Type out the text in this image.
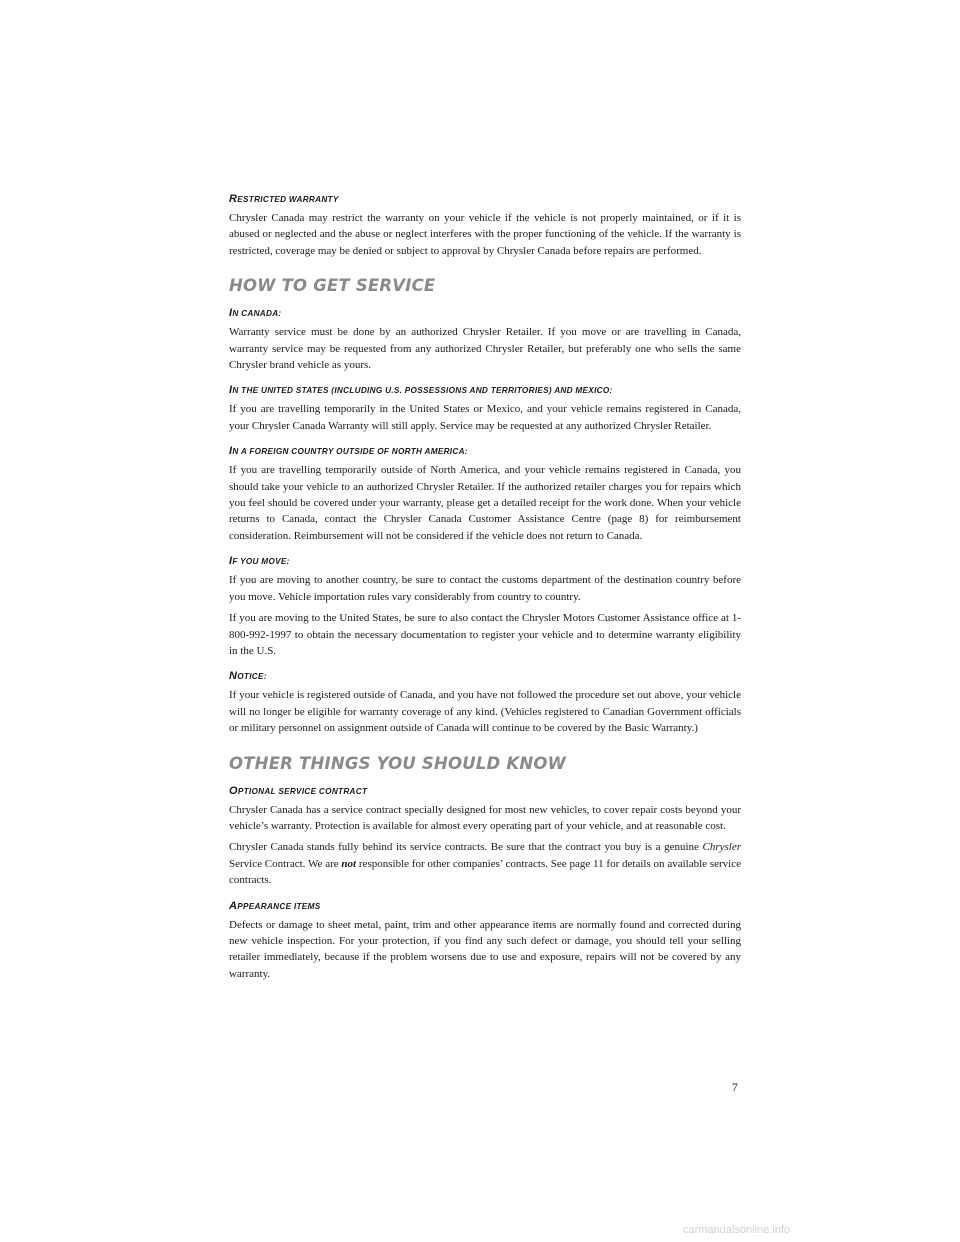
RESTRICTED WARRANTY

Chrysler Canada may restrict the warranty on your vehicle if the vehicle is not properly maintained, or if it is abused or neglected and the abuse or neglect interferes with the proper functioning of the vehicle. If the warranty is restricted, coverage may be denied or subject to approval by Chrysler Canada before repairs are performed.

HOW TO GET SERVICE
IN CANADA:

Warranty service must be done by an authorized Chrysler Retailer. If you move or are travelling in Canada, warranty service may be requested from any authorized Chrysler Retailer, but preferably one who sells the same Chrysler brand vehicle as yours.

IN THE UNITED STATES (INCLUDING U.S. POSSESSIONS AND TERRITORIES) AND MEXICO:

If you are travelling temporarily in the United States or Mexico, and your vehicle remains registered in Canada, your Chrysler Canada Warranty will still apply. Service may be requested at any authorized Chrysler Retailer.

IN A FOREIGN COUNTRY OUTSIDE OF NORTH AMERICA:

If you are travelling temporarily outside of North America, and your vehicle remains registered in Canada, you should take your vehicle to an authorized Chrysler Retailer. If the authorized retailer charges you for repairs which you feel should be covered under your warranty, please get a detailed receipt for the work done. When your vehicle returns to Canada, contact the Chrysler Canada Customer Assistance Centre (page 8) for reimbursement consideration. Reimbursement will not be considered if the vehicle does not return to Canada.

IF YOU MOVE:

If you are moving to another country, be sure to contact the customs department of the destination country before you move. Vehicle importation rules vary considerably from country to country.

If you are moving to the United States, be sure to also contact the Chrysler Motors Customer Assistance office at 1-800-992-1997 to obtain the necessary documentation to register your vehicle and to determine warranty eligibility in the U.S.

NOTICE:

If your vehicle is registered outside of Canada, and you have not followed the procedure set out above, your vehicle will no longer be eligible for warranty coverage of any kind. (Vehicles registered to Canadian Government officials or military personnel on assignment outside of Canada will continue to be covered by the Basic Warranty.)

OTHER THINGS YOU SHOULD KNOW
OPTIONAL SERVICE CONTRACT

Chrysler Canada has a service contract specially designed for most new vehicles, to cover repair costs beyond your vehicle’s warranty. Protection is available for almost every operating part of your vehicle, and at reasonable cost.

Chrysler Canada stands fully behind its service contracts. Be sure that the contract you buy is a genuine Chrysler Service Contract. We are not responsible for other companies’ contracts. See page 11 for details on available service contracts.

APPEARANCE ITEMS

Defects or damage to sheet metal, paint, trim and other appearance items are normally found and corrected during new vehicle inspection. For your protection, if you find any such defect or damage, you should tell your selling retailer immediately, because if the problem worsens due to use and exposure, repairs will not be covered by any warranty.

7
carmanualsonline.info
